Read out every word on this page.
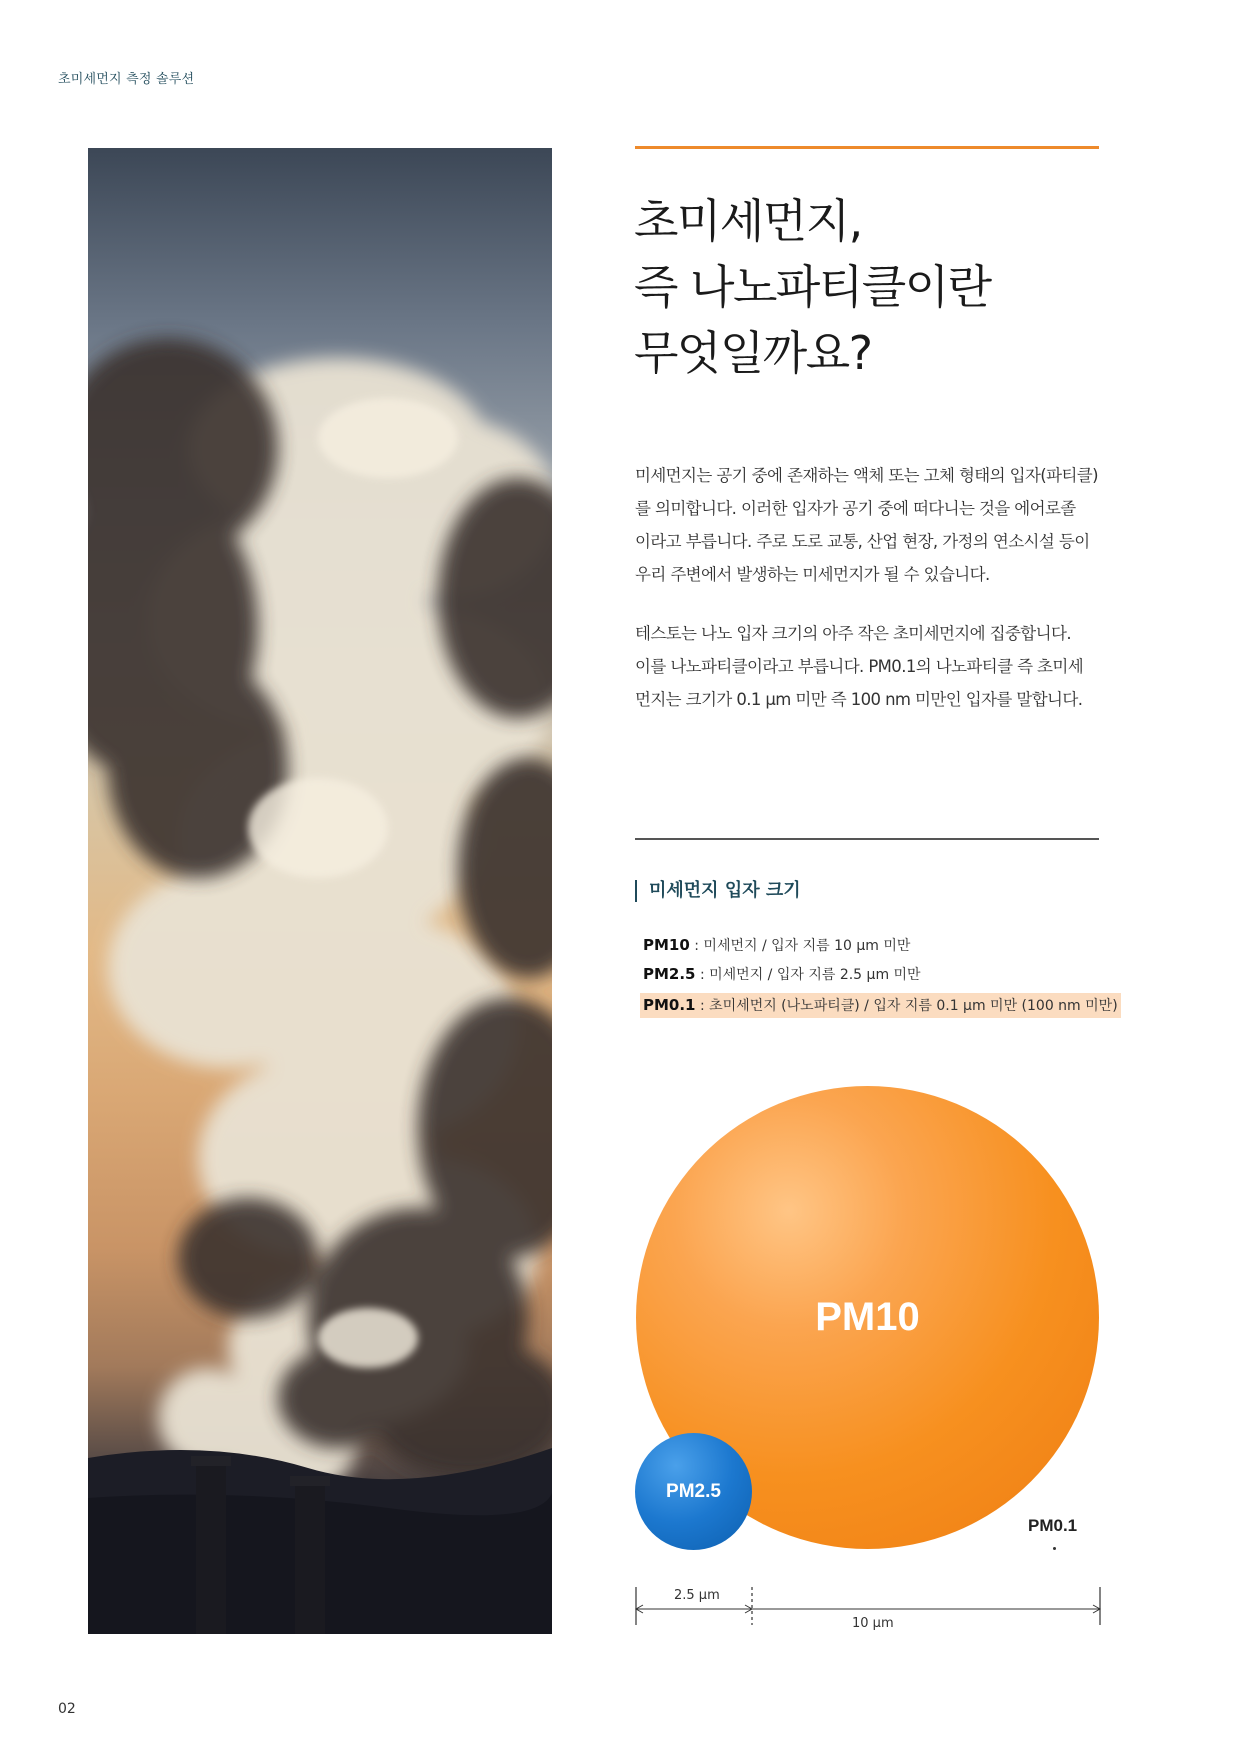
초미세먼지 측정 솔루션
초미세먼지,
즉 나노파티클이란
무엇일까요?

미세먼지는 공기 중에 존재하는 액체 또는 고체 형태의 입자(파티클)
를 의미합니다. 이러한 입자가 공기 중에 떠다니는 것을 에어로졸
이라고 부릅니다. 주로 도로 교통, 산업 현장, 가정의 연소시설 등이
우리 주변에서 발생하는 미세먼지가 될 수 있습니다.

테스토는 나노 입자 크기의 아주 작은 초미세먼지에 집중합니다.
이를 나노파티클이라고 부릅니다. PM0.1의 나노파티클 즉 초미세
먼지는 크기가 0.1 µm 미만 즉 100 nm 미만인 입자를 말합니다.

미세먼지 입자 크기
PM10 : 미세먼지 / 입자 지름 10 µm 미만
PM2.5 : 미세먼지 / 입자 지름 2.5 µm 미만
PM0.1 : 초미세먼지 (나노파티클) / 입자 지름 0.1 µm 미만 (100 nm 미만)
PM10
PM2.5
PM0.1
2.5 µm
10 µm
02
